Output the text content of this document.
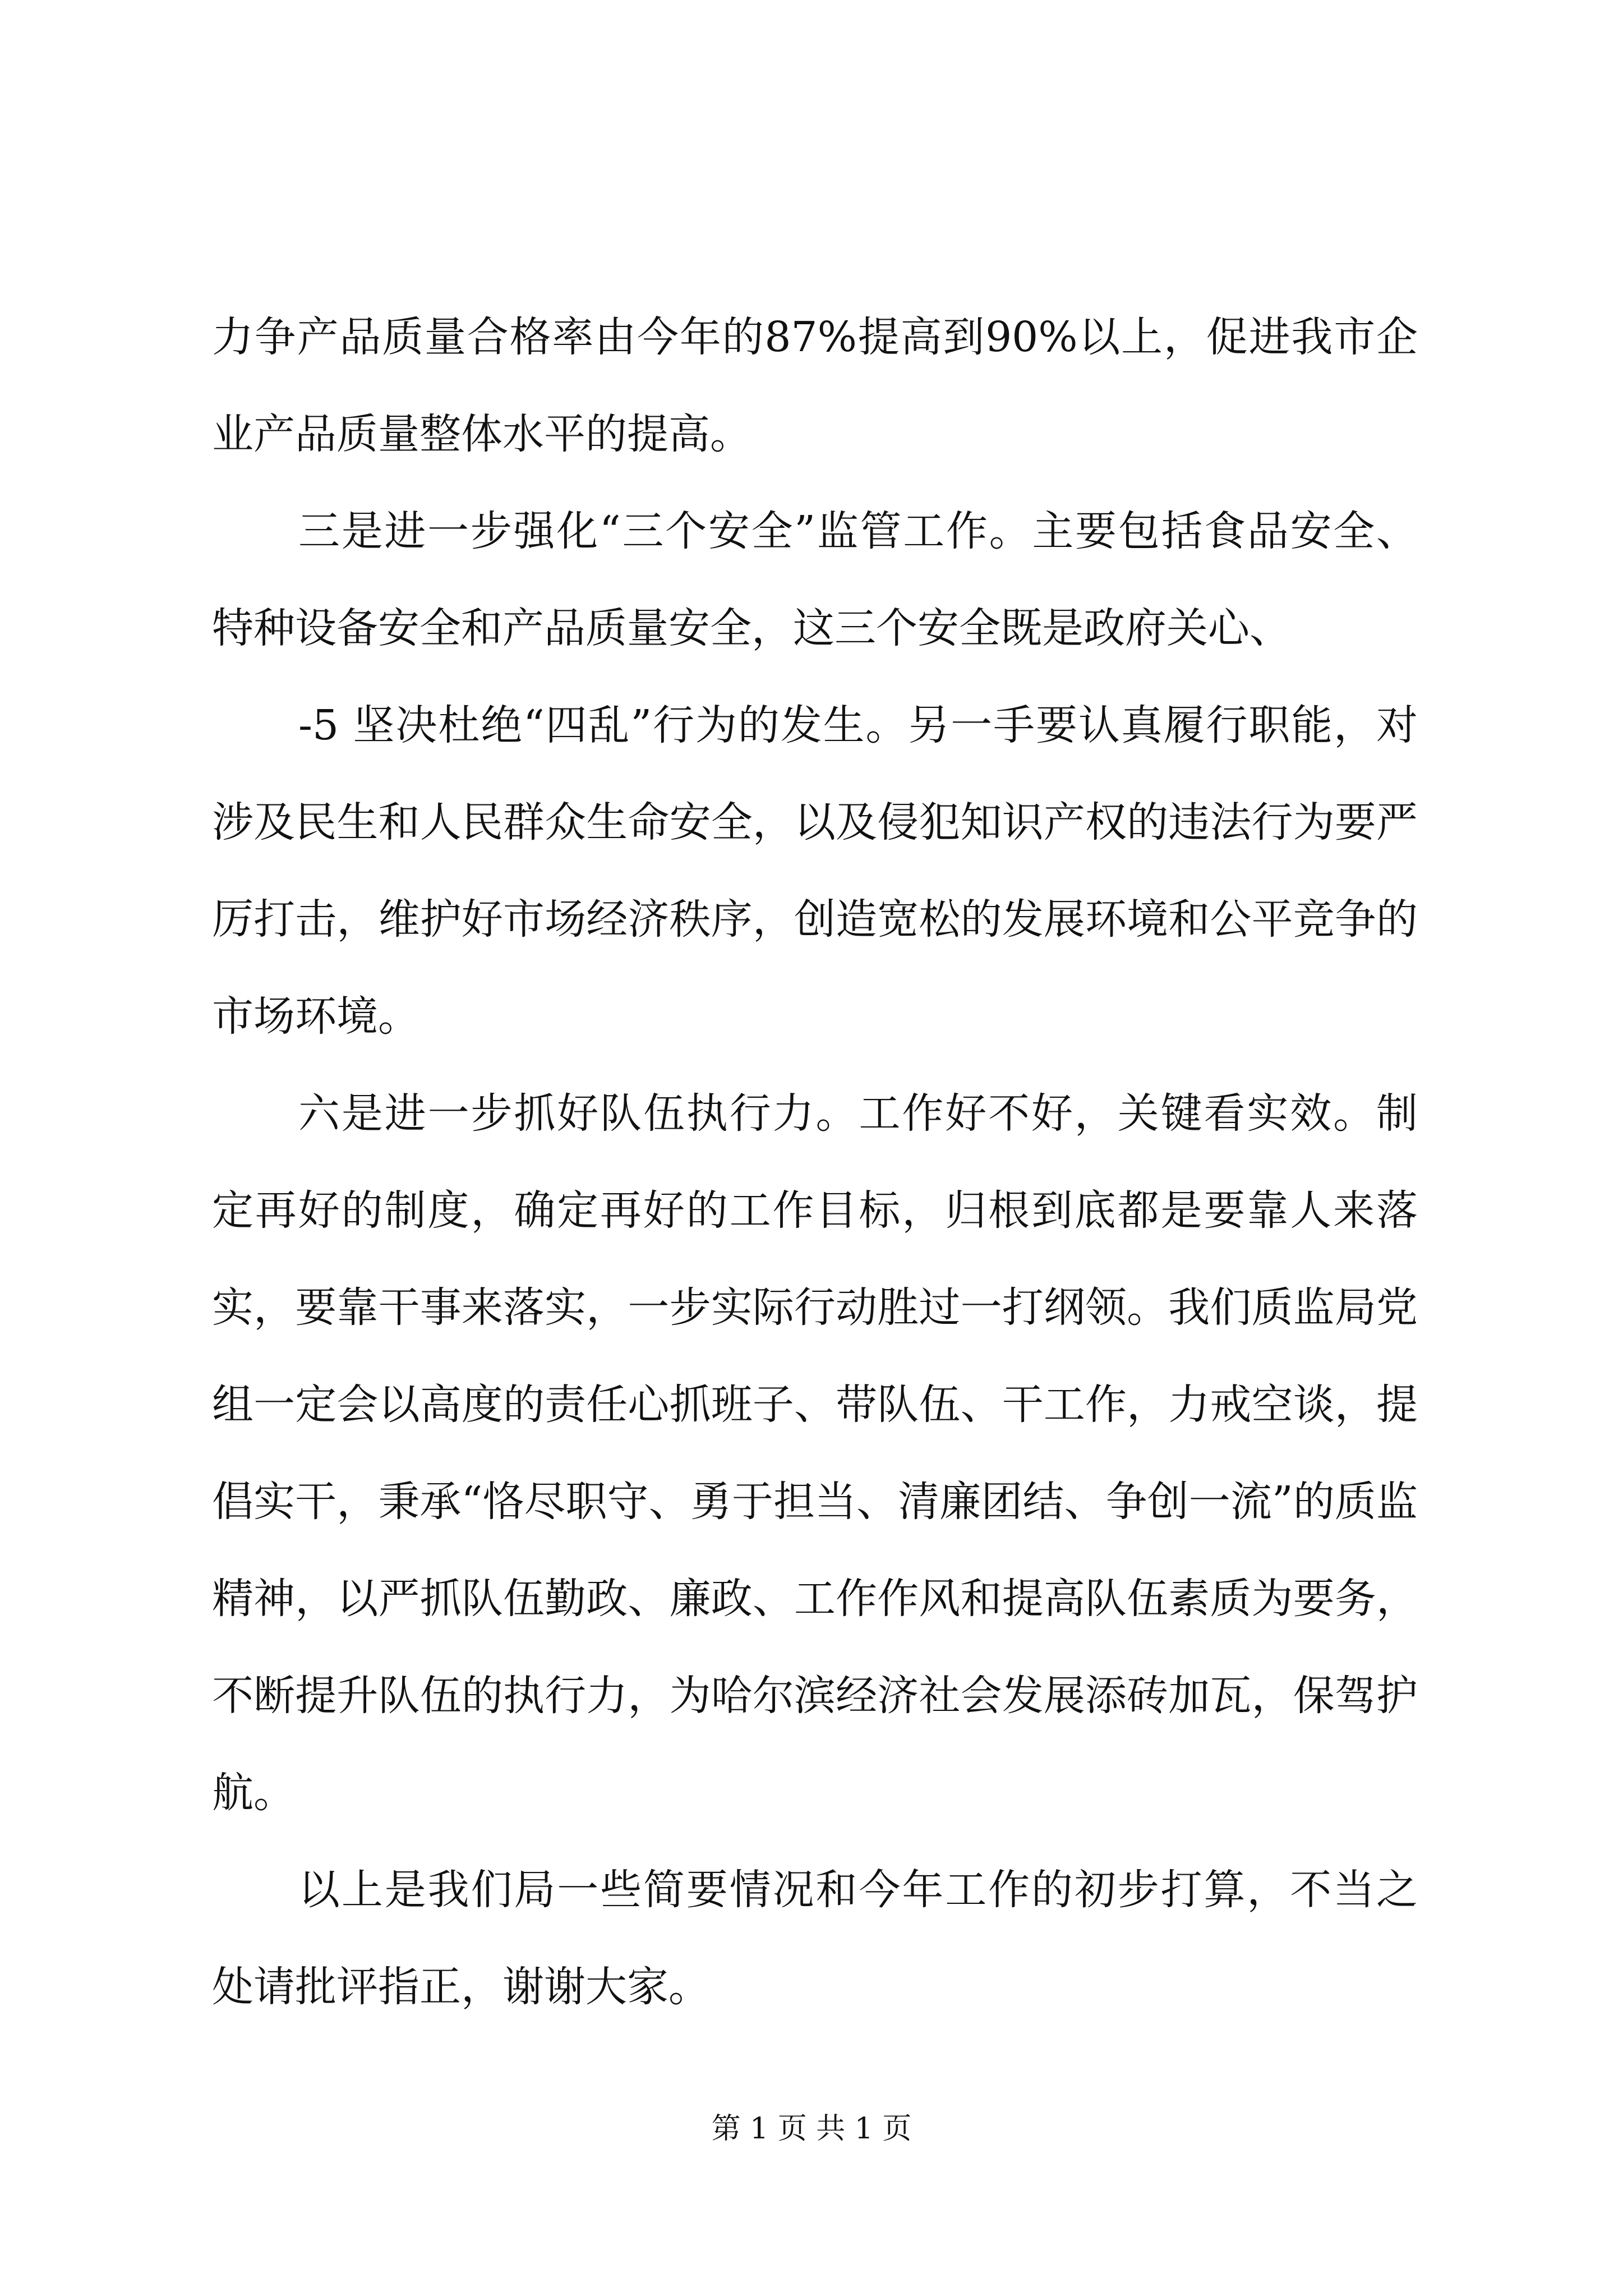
力争产品质量合格率由今年的87%提高到90%以上，促进我市企业产品质量整体水平的提高。

三是进一步强化“三个安全”监管工作。主要包括食品安全、特种设备安全和产品质量安全，这三个安全既是政府关心、

-5 坚决杜绝“四乱”行为的发生。另一手要认真履行职能，对涉及民生和人民群众生命安全，以及侵犯知识产权的违法行为要严厉打击，维护好市场经济秩序，创造宽松的发展环境和公平竞争的市场环境。

六是进一步抓好队伍执行力。工作好不好，关键看实效。制定再好的制度，确定再好的工作目标，归根到底都是要靠人来落实，要靠干事来落实，一步实际行动胜过一打纲领。我们质监局党组一定会以高度的责任心抓班子、带队伍、干工作，力戒空谈，提倡实干，秉承“恪尽职守、勇于担当、清廉团结、争创一流”的质监精神，以严抓队伍勤政、廉政、工作作风和提高队伍素质为要务，不断提升队伍的执行力，为哈尔滨经济社会发展添砖加瓦，保驾护航。

以上是我们局一些简要情况和今年工作的初步打算，不当之处请批评指正，谢谢大家。

第 1 页 共 1 页
